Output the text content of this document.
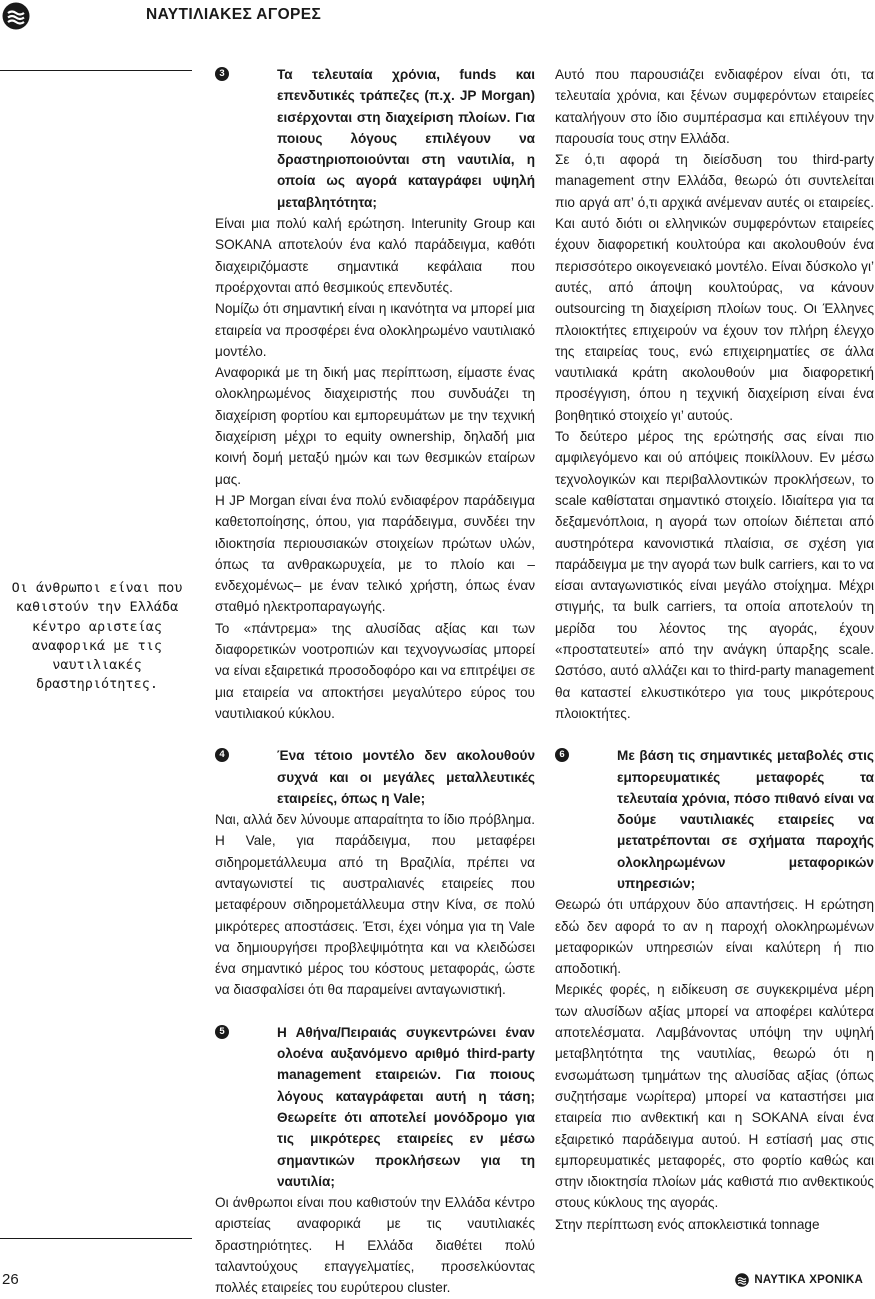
ΝΑΥΤΙΛΙΑΚΕΣ ΑΓΟΡΕΣ
Οι άνθρωποι είναι που καθιστούν την Ελλάδα κέντρο αριστείας αναφορικά με τις ναυτιλιακές δραστηριότητες.
3	Τα τελευταία χρόνια, funds και επενδυτικές τράπεζες (π.χ. JP Morgan) εισέρχονται στη διαχείριση πλοίων. Για ποιους λόγους επιλέγουν να δραστηριοποιούνται στη ναυτιλία, η οποία ως αγορά καταγράφει υψηλή μεταβλητότητα;

Είναι μια πολύ καλή ερώτηση. Interunity Group και SOKANA αποτελούν ένα καλό παράδειγμα, καθότι διαχειριζόμαστε σημαντικά κεφάλαια που προέρχονται από θεσμικούς επενδυτές.

Νομίζω ότι σημαντική είναι η ικανότητα να μπορεί μια εταιρεία να προσφέρει ένα ολοκληρωμένο ναυτιλιακό μοντέλο.

Αναφορικά με τη δική μας περίπτωση, είμαστε ένας ολοκληρωμένος διαχειριστής που συνδυάζει τη διαχείριση φορτίου και εμπορευμάτων με την τεχνική διαχείριση μέχρι το equity ownership, δηλαδή μια κοινή δομή μεταξύ ημών και των θεσμικών εταίρων μας.

Η JP Morgan είναι ένα πολύ ενδιαφέρον παράδειγμα καθετοποίησης, όπου, για παράδειγμα, συνδέει την ιδιοκτησία περιουσιακών στοιχείων πρώτων υλών, όπως τα ανθρακωρυχεία, με το πλοίο και –ενδεχομένως– με έναν τελικό χρήστη, όπως έναν σταθμό ηλεκτροπαραγωγής.

Το «πάντρεμα» της αλυσίδας αξίας και των διαφορετικών νοοτροπιών και τεχνογνωσίας μπορεί να είναι εξαιρετικά προσοδοφόρο και να επιτρέψει σε μια εταιρεία να αποκτήσει μεγαλύτερο εύρος του ναυτιλιακού κύκλου.

4	Ένα τέτοιο μοντέλο δεν ακολουθούν συχνά και οι μεγάλες μεταλλευτικές εταιρείες, όπως η Vale;

Ναι, αλλά δεν λύνουμε απαραίτητα το ίδιο πρόβλημα. Η Vale, για παράδειγμα, που μεταφέρει σιδηρομετάλλευμα από τη Βραζιλία, πρέπει να ανταγωνιστεί τις αυστραλιανές εταιρείες που μεταφέρουν σιδηρομετάλλευμα στην Κίνα, σε πολύ μικρότερες αποστάσεις. Έτσι, έχει νόημα για τη Vale να δημιουργήσει προβλεψιμότητα και να κλειδώσει ένα σημαντικό μέρος του κόστους μεταφοράς, ώστε να διασφαλίσει ότι θα παραμείνει ανταγωνιστική.

5	Η Αθήνα/Πειραιάς συγκεντρώνει έναν ολοένα αυξανόμενο αριθμό third-party management εταιρειών. Για ποιους λόγους καταγράφεται αυτή η τάση; Θεωρείτε ότι αποτελεί μονόδρομο για τις μικρότερες εταιρείες εν μέσω σημαντικών προκλήσεων για τη ναυτιλία;

Οι άνθρωποι είναι που καθιστούν την Ελλάδα κέντρο αριστείας αναφορικά με τις ναυτιλιακές δραστηριότητες. Η Ελλάδα διαθέτει πολύ ταλαντούχους επαγγελματίες, προσελκύοντας πολλές εταιρείες του ευρύτερου cluster.

Αυτό που παρουσιάζει ενδιαφέρον είναι ότι, τα τελευταία χρόνια, και ξένων συμφερόντων εταιρείες καταλήγουν στο ίδιο συμπέρασμα και επιλέγουν την παρουσία τους στην Ελλάδα.

Σε ό,τι αφορά τη διείσδυση του third-party management στην Ελλάδα, θεωρώ ότι συντελείται πιο αργά απ’ ό,τι αρχικά ανέμεναν αυτές οι εταιρείες. Και αυτό διότι οι ελληνικών συμφερόντων εταιρείες έχουν διαφορετική κουλτούρα και ακολουθούν ένα περισσότερο οικογενειακό μοντέλο. Είναι δύσκολο γι’ αυτές, από άποψη κουλτούρας, να κάνουν outsourcing τη διαχείριση πλοίων τους. Οι Έλληνες πλοιοκτήτες επιχειρούν να έχουν τον πλήρη έλεγχο της εταιρείας τους, ενώ επιχειρηματίες σε άλλα ναυτιλιακά κράτη ακολουθούν μια διαφορετική προσέγγιση, όπου η τεχνική διαχείριση είναι ένα βοηθητικό στοιχείο γι’ αυτούς.

Το δεύτερο μέρος της ερώτησής σας είναι πιο αμφιλεγόμενο και ού απόψεις ποικίλλουν. Εν μέσω τεχνολογικών και περιβαλλοντικών προκλήσεων, το scale καθίσταται σημαντικό στοιχείο. Ιδιαίτερα για τα δεξαμενόπλοια, η αγορά των οποίων διέπεται από αυστηρότερα κανονιστικά πλαίσια, σε σχέση για παράδειγμα με την αγορά των bulk carriers, και το να είσαι ανταγωνιστικός είναι μεγάλο στοίχημα. Μέχρι στιγμής, τα bulk carriers, τα οποία αποτελούν τη μερίδα του λέοντος της αγοράς, έχουν «προστατευτεί» από την ανάγκη ύπαρξης scale. Ωστόσο, αυτό αλλάζει και το third-party management θα καταστεί ελκυστικότερο για τους μικρότερους πλοιοκτήτες.

6	Με βάση τις σημαντικές μεταβολές στις εμπορευματικές μεταφορές τα τελευταία χρόνια, πόσο πιθανό είναι να δούμε ναυτιλιακές εταιρείες να μετατρέπονται σε σχήματα παροχής ολοκληρωμένων μεταφορικών υπηρεσιών;

Θεωρώ ότι υπάρχουν δύο απαντήσεις. Η ερώτηση εδώ δεν αφορά το αν η παροχή ολοκληρωμένων μεταφορικών υπηρεσιών είναι καλύτερη ή πιο αποδοτική.

Μερικές φορές, η ειδίκευση σε συγκεκριμένα μέρη των αλυσίδων αξίας μπορεί να αποφέρει καλύτερα αποτελέσματα. Λαμβάνοντας υπόψη την υψηλή μεταβλητότητα της ναυτιλίας, θεωρώ ότι η ενσωμάτωση τμημάτων της αλυσίδας αξίας (όπως συζητήσαμε νωρίτερα) μπορεί να καταστήσει μια εταιρεία πιο ανθεκτική και η SOKANA είναι ένα εξαιρετικό παράδειγμα αυτού. Η εστίασή μας στις εμπορευματικές μεταφορές, στο φορτίο καθώς και στην ιδιοκτησία πλοίων μάς καθιστά πιο ανθεκτικούς στους κύκλους της αγοράς.

Στην περίπτωση ενός αποκλειστικά tonnage

26	ΝΑΥΤΙΚΑ ΧΡΟΝΙΚΑ
